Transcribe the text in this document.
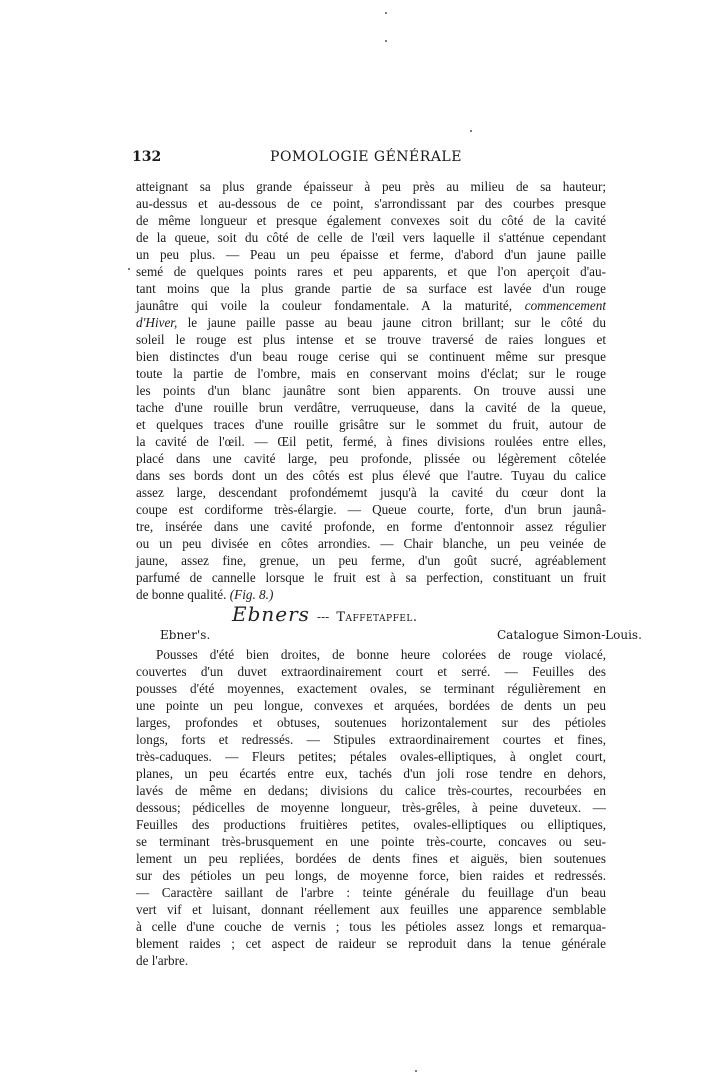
132	POMOLOGIE GÉNÉRALE
atteignant sa plus grande épaisseur à peu près au milieu de sa hauteur;
au-dessus et au-dessous de ce point, s'arrondissant par des courbes presque
de même longueur et presque également convexes soit du côté de la cavité
de la queue, soit du côté de celle de l'œil vers laquelle il s'atténue cependant
un peu plus. — Peau un peu épaisse et ferme, d'abord d'un jaune paille
semé de quelques points rares et peu apparents, et que l'on aperçoit d'au-
tant moins que la plus grande partie de sa surface est lavée d'un rouge
jaunâtre qui voile la couleur fondamentale. A la maturité, commencement
d'Hiver, le jaune paille passe au beau jaune citron brillant; sur le côté du
soleil le rouge est plus intense et se trouve traversé de raies longues et
bien distinctes d'un beau rouge cerise qui se continuent même sur presque
toute la partie de l'ombre, mais en conservant moins d'éclat; sur le rouge
les points d'un blanc jaunâtre sont bien apparents. On trouve aussi une
tache d'une rouille brun verdâtre, verruqueuse, dans la cavité de la queue,
et quelques traces d'une rouille grisâtre sur le sommet du fruit, autour de
la cavité de l'œil. — Œil petit, fermé, à fines divisions roulées entre elles,
placé dans une cavité large, peu profonde, plissée ou légèrement côtelée
dans ses bords dont un des côtés est plus élevé que l'autre. Tuyau du calice
assez large, descendant profondémemt jusqu'à la cavité du cœur dont la
coupe est cordiforme très-élargie. — Queue courte, forte, d'un brun jaunâ-
tre, insérée dans une cavité profonde, en forme d'entonnoir assez régulier
ou un peu divisée en côtes arrondies. — Chair blanche, un peu veinée de
jaune, assez fine, grenue, un peu ferme, d'un goût sucré, agréablement
parfumé de cannelle lorsque le fruit est à sa perfection, constituant un fruit
de bonne qualité. (Fig. 8.)
Ebners --- Taffetapfel.
Ebner's.	Catalogue Simon-Louis.
Pousses d'été bien droites, de bonne heure colorées de rouge violacé,
couvertes d'un duvet extraordinairement court et serré. — Feuilles des
pousses d'été moyennes, exactement ovales, se terminant régulièrement en
une pointe un peu longue, convexes et arquées, bordées de dents un peu
larges, profondes et obtuses, soutenues horizontalement sur des pétioles
longs, forts et redressés. — Stipules extraordinairement courtes et fines,
très-caduques. — Fleurs petites; pétales ovales-elliptiques, à onglet court,
planes, un peu écartés entre eux, tachés d'un joli rose tendre en dehors,
lavés de même en dedans; divisions du calice très-courtes, recourbées en
dessous; pédicelles de moyenne longueur, très-grêles, à peine duveteux. —
Feuilles des productions fruitières petites, ovales-elliptiques ou elliptiques,
se terminant très-brusquement en une pointe très-courte, concaves ou seu-
lement un peu repliées, bordées de dents fines et aiguës, bien soutenues
sur des pétioles un peu longs, de moyenne force, bien raides et redressés.
— Caractère saillant de l'arbre : teinte générale du feuillage d'un beau
vert vif et luisant, donnant réellement aux feuilles une apparence semblable
à celle d'une couche de vernis ; tous les pétioles assez longs et remarqua-
blement raides ; cet aspect de raideur se reproduit dans la tenue générale
de l'arbre.
